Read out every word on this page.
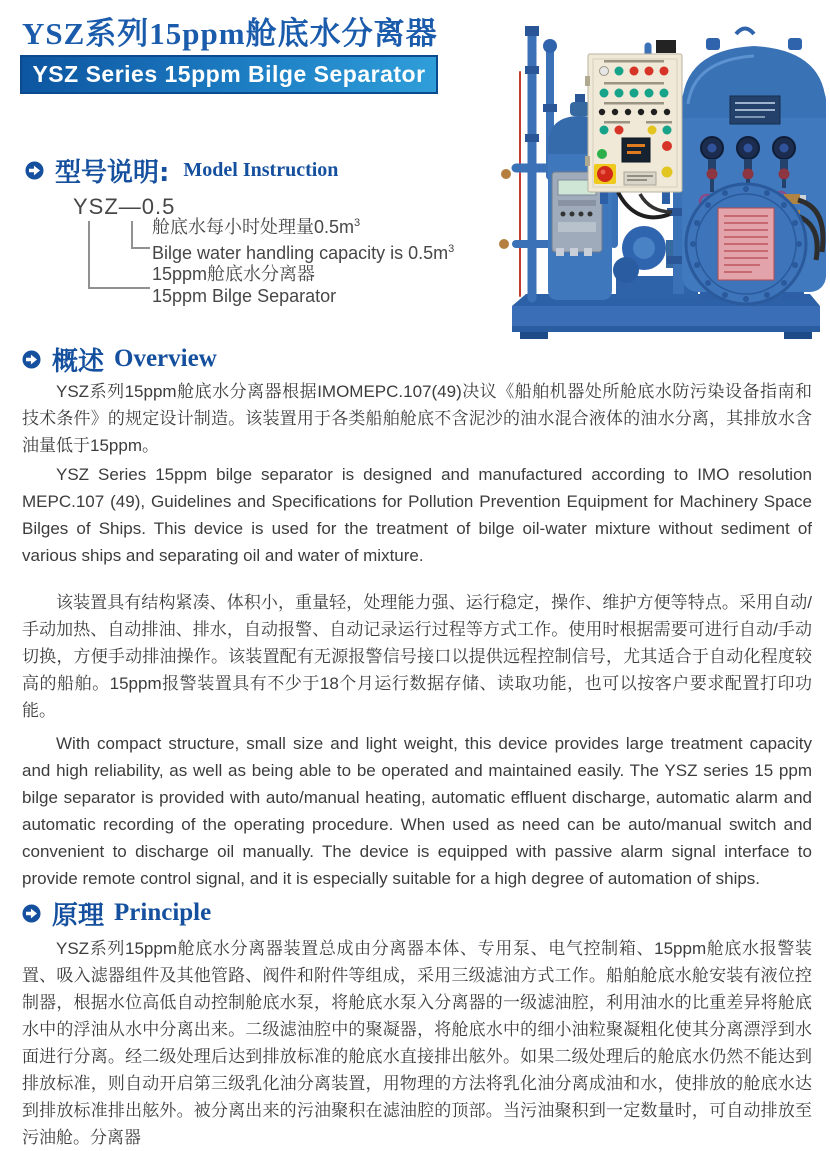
YSZ系列15ppm舱底水分离器
YSZ Series 15ppm Bilge Separator
型号说明: Model Instruction
YSZ—0.5
舱底水每小时处理量$0.5m^3$
Bilge water handling capacity is $0.5m^3$
15ppm舱底水分离器
15ppm Bilge Separator
概述 Overview

YSZ系列15ppm舱底水分离器根据IMOMEPC.107(49)决议《船舶机器处所舱底水防污染设备指南和技术条件》的规定设计制造。该装置用于各类船舶舱底不含泥沙的油水混合液体的油水分离，其排放水含油量低于15ppm。

YSZ Series 15ppm bilge separator is designed and manufactured according to IMO resolution MEPC.107 (49), Guidelines and Specifications for Pollution Prevention Equipment for Machinery Space Bilges of Ships. This device is used for the treatment of bilge oil-water mixture without sediment of various ships and separating oil and water of mixture.

该装置具有结构紧凑、体积小，重量轻，处理能力强、运行稳定，操作、维护方便等特点。采用自动/手动加热、自动排油、排水，自动报警、自动记录运行过程等方式工作。使用时根据需要可进行自动/手动切换，方便手动排油操作。该装置配有无源报警信号接口以提供远程控制信号，尤其适合于自动化程度较高的船舶。15ppm报警装置具有不少于18个月运行数据存储、读取功能，也可以按客户要求配置打印功能。

With compact structure, small size and light weight, this device provides large treatment capacity and high reliability, as well as being able to be operated and maintained easily. The YSZ series 15 ppm bilge separator is provided with auto/manual heating, automatic effluent discharge, automatic alarm and automatic recording of the operating procedure. When used as need can be auto/manual switch and convenient to discharge oil manually. The device is equipped with passive alarm signal interface to provide remote control signal, and it is especially suitable for a high degree of automation of ships.

原理 Principle

YSZ系列15ppm舱底水分离器装置总成由分离器本体、专用泵、电气控制箱、15ppm舱底水报警装置、吸入滤器组件及其他管路、阀件和附件等组成，采用三级滤油方式工作。船舶舱底水舱安装有液位控制器，根据水位高低自动控制舱底水泵，将舱底水泵入分离器的一级滤油腔，利用油水的比重差异将舱底水中的浮油从水中分离出来。二级滤油腔中的聚凝器，将舱底水中的细小油粒聚凝粗化使其分离漂浮到水面进行分离。经二级处理后达到排放标准的舱底水直接排出舷外。如果二级处理后的舱底水仍然不能达到排放标准，则自动开启第三级乳化油分离装置，用物理的方法将乳化油分离成油和水，使排放的舱底水达到排放标准排出舷外。被分离出来的污油聚积在滤油腔的顶部。当污油聚积到一定数量时，可自动排放至污油舱。分离器
